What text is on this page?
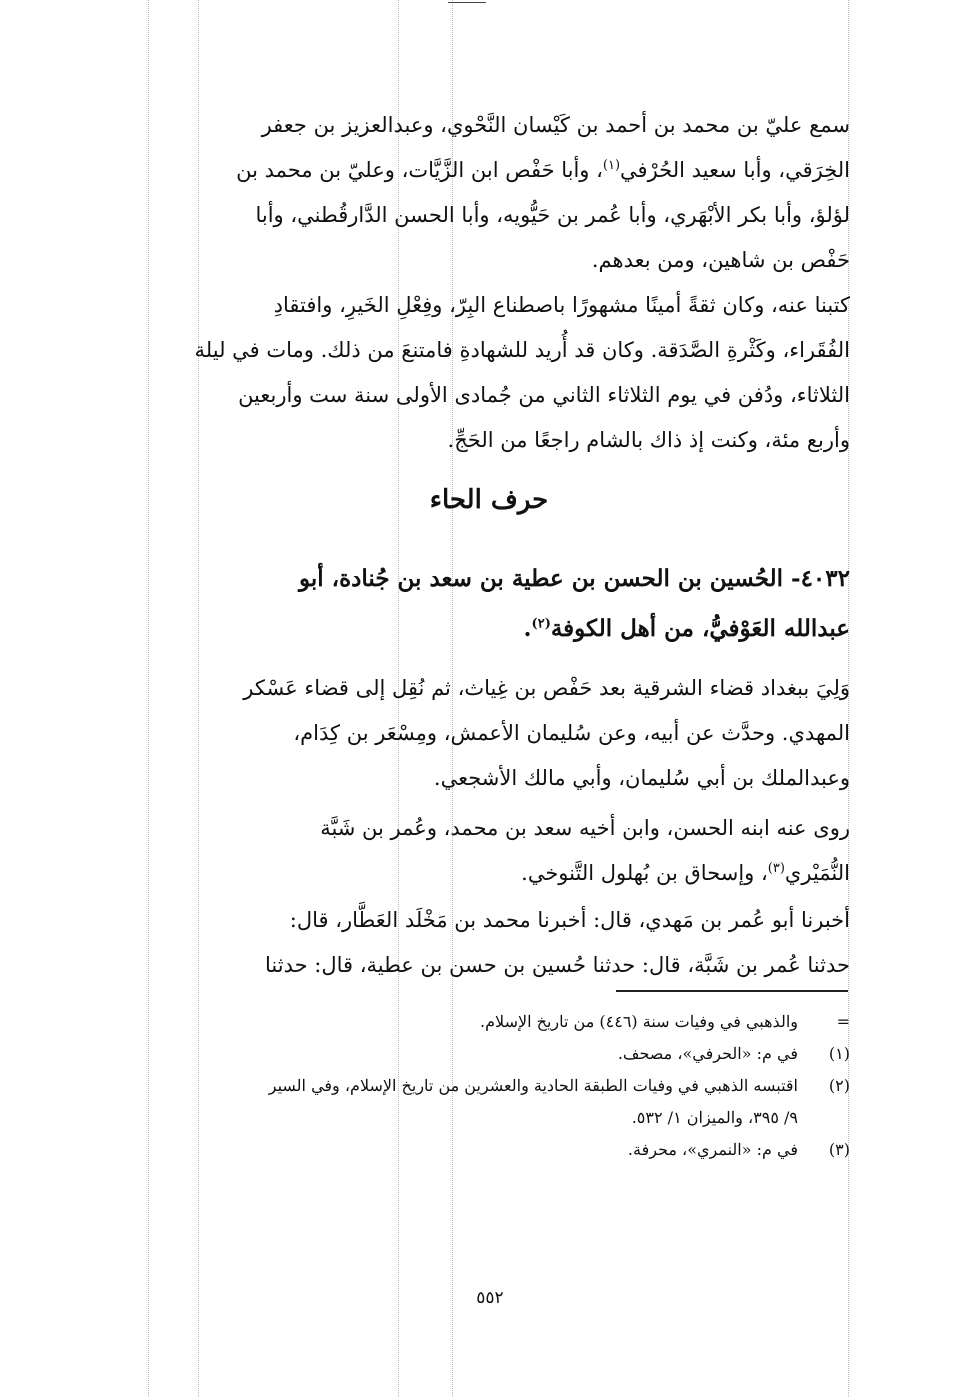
سمع عليّ بن محمد بن أحمد بن كَيْسان النَّحْوي، وعبدالعزيز بن جعفر

الخِرَقي، وأبا سعيد الحُرْفي$^{(١)}$، وأبا حَفْص ابن الزَّيَّات، وعليّ بن محمد بن

لؤلؤ، وأبا بكر الأبْهَري، وأبا عُمر بن حَيُّويه، وأبا الحسن الدَّارقُطني، وأبا

حَفْص بن شاهين، ومن بعدهم.

كتبنا عنه، وكان ثقةً أمينًا مشهورًا باصطناع البِرّ، وفِعْلِ الخَيرِ، وافتقادِ

الفُقَراء، وكَثْرةِ الصَّدَقة. وكان قد أُريد للشهادةِ فامتنعَ من ذلك. ومات في ليلة

الثلاثاء، ودُفن في يوم الثلاثاء الثاني من جُمادى الأولى سنة ست وأربعين

وأربع مئة، وكنت إذ ذاك بالشام راجعًا من الحَجِّ.

حرف الحاء
٤٠٣٢- الحُسين بن الحسن بن عطية بن سعد بن جُنادة، أبو
عبدالله العَوْفيُّ، من أهل الكوفة$^{(٢)}$.

وَلِيَ ببغداد قضاء الشرقية بعد حَفْص بن غِياث، ثم نُقِل إلى قضاء عَسْكر

المهدي. وحدَّث عن أبيه، وعن سُليمان الأعمش، ومِسْعَر بن كِدَام،

وعبدالملك بن أبي سُليمان، وأبي مالك الأشجعي.

روى عنه ابنه الحسن، وابن أخيه سعد بن محمد، وعُمر بن شَبَّة

النُّمَيْري$^{(٣)}$، وإسحاق بن بُهلول التَّنوخي.

أخبرنا أبو عُمر بن مَهدي، قال: أخبرنا محمد بن مَخْلَد العَطَّار، قال:

حدثنا عُمر بن شَبَّة، قال: حدثنا حُسين بن حسن بن عطية، قال: حدثنا

=
والذهبي في وفيات سنة (٤٤٦) من تاريخ الإسلام.
(١)
في م: «الحرفي»، مصحف.
(٢)
اقتبسه الذهبي في وفيات الطبقة الحادية والعشرين من تاريخ الإسلام، وفي السير
٩/ ٣٩٥، والميزان ١/ ٥٣٢.
(٣)
في م: «النمري»، محرفة.
٥٥٢
